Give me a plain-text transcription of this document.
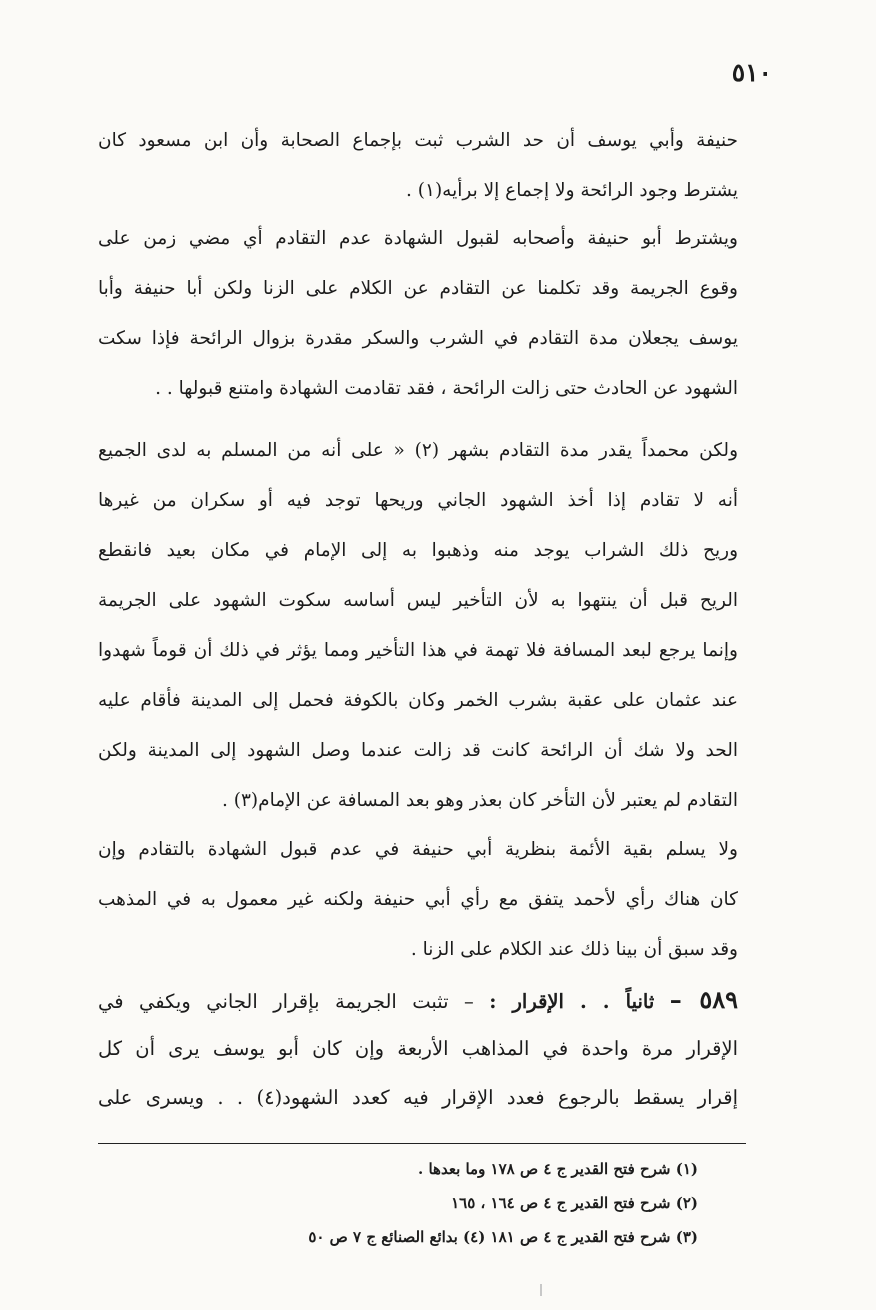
٥١٠
حنيفة وأبي يوسف أن حد الشرب ثبت بإجماع الصحابة وأن ابن مسعود كان
يشترط وجود الرائحة ولا إجماع إلا برأيه(١) .
ويشترط أبو حنيفة وأصحابه لقبول الشهادة عدم التقادم أي مضي زمن على
وقوع الجريمة وقد تكلمنا عن التقادم عن الكلام على الزنا ولكن أبا حنيفة وأبا
يوسف يجعلان مدة التقادم في الشرب والسكر مقدرة بزوال الرائحة فإذا سكت
الشهود عن الحادث حتى زالت الرائحة ، فقد تقادمت الشهادة وامتنع قبولها . .
ولكن محمداً يقدر مدة التقادم بشهر (٢) « على أنه من المسلم به لدى الجميع
أنه لا تقادم إذا أخذ الشهود الجاني وريحها توجد فيه أو سكران من غيرها
وريح ذلك الشراب يوجد منه وذهبوا به إلى الإمام في مكان بعيد فانقطع
الريح قبل أن ينتهوا به لأن التأخير ليس أساسه سكوت الشهود على الجريمة
وإنما يرجع لبعد المسافة فلا تهمة في هذا التأخير ومما يؤثر في ذلك أن قوماً شهدوا
عند عثمان على عقبة بشرب الخمر وكان بالكوفة فحمل إلى المدينة فأقام عليه
الحد ولا شك أن الرائحة كانت قد زالت عندما وصل الشهود إلى المدينة ولكن
التقادم لم يعتبر لأن التأخر كان بعذر وهو بعد المسافة عن الإمام(٣) .
ولا يسلم بقية الأئمة بنظرية أبي حنيفة في عدم قبول الشهادة بالتقادم وإن
كان هناك رأي لأحمد يتفق مع رأي أبي حنيفة ولكنه غير معمول به في المذهب
وقد سبق أن بينا ذلك عند الكلام على الزنا .
٥٨٩ – ثانياً . . الإقرار : – تثبت الجريمة بإقرار الجاني ويكفي في
الإقرار مرة واحدة في المذاهب الأربعة وإن كان أبو يوسف يرى أن كل
إقرار يسقط بالرجوع فعدد الإقرار فيه كعدد الشهود(٤) . . ويسرى على
(١) شرح فتح القدير ج ٤ ص ١٧٨ وما بعدها .
(٢) شرح فتح القدير ج ٤ ص ١٦٤ ، ١٦٥
(٣) شرح فتح القدير ج ٤ ص ١٨١ (٤) بدائع الصنائع ج ٧ ص ٥٠
